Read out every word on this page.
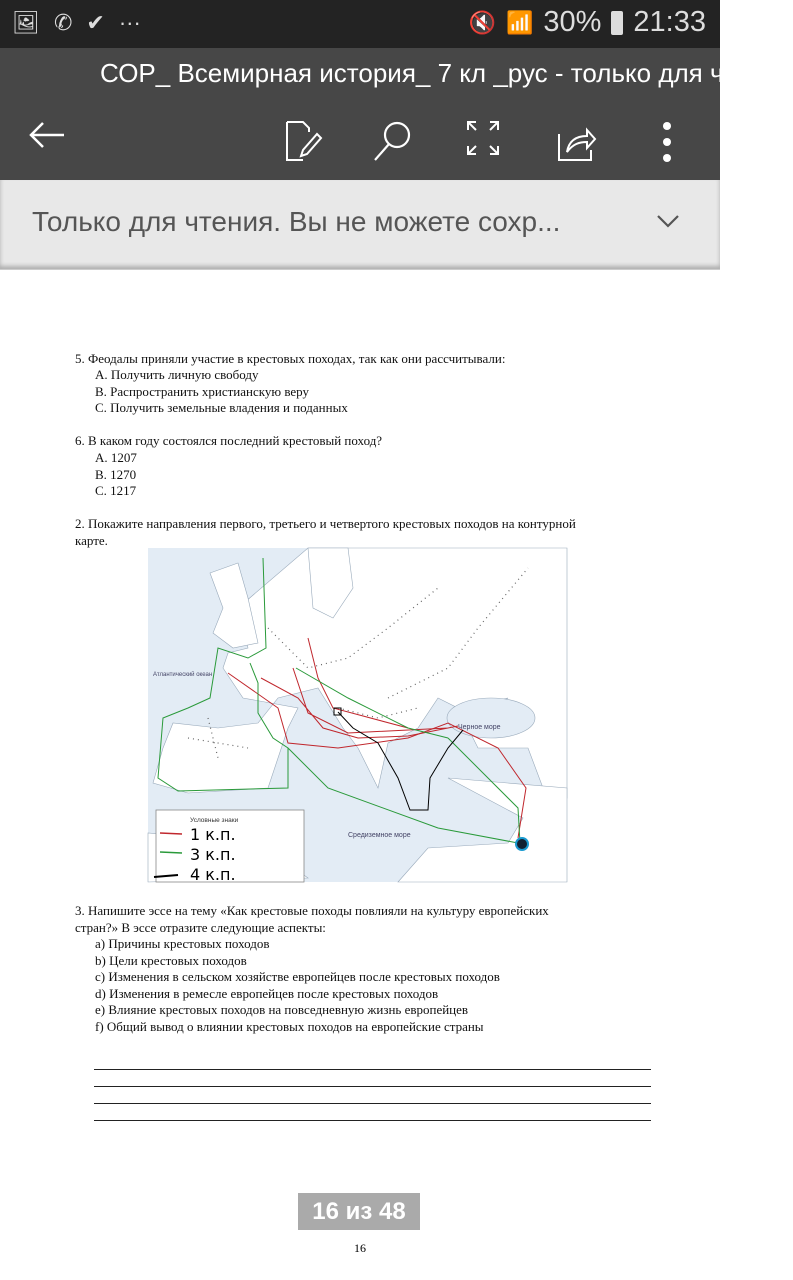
🖼 ✆ ✔ ···	🔇 📶 30% 21:33
СОР_ Всемирная история_ 7 кл _рус - только для чтения
Только для чтения. Вы не можете сохр...
5. Феодалы приняли участие в крестовых походах, так как они рассчитывали:
A. Получить личную свободу
B. Распространить христианскую веру
C. Получить земельные владения и поданных
6. В каком году состоялся последний крестовый поход?
A. 1207
B. 1270
C. 1217
2. Покажите направления первого, третьего и четвертого крестовых походов на контурной
карте.
3. Напишите эссе на тему «Как крестовые походы повлияли на культуру европейских
стран?» В эссе отразите следующие аспекты:
a) Причины крестовых походов
b) Цели крестовых походов
c) Изменения в сельском хозяйстве европейцев после крестовых походов
d) Изменения в ремесле европейцев после крестовых походов
e) Влияние крестовых походов на повседневную жизнь европейцев
f) Общий вывод о влиянии крестовых походов на европейские страны
Атлантический океан
Черное море
Средиземное море
Условные знаки
1 к.п.
3 к.п.
4 к.п.
16 из 48
16
